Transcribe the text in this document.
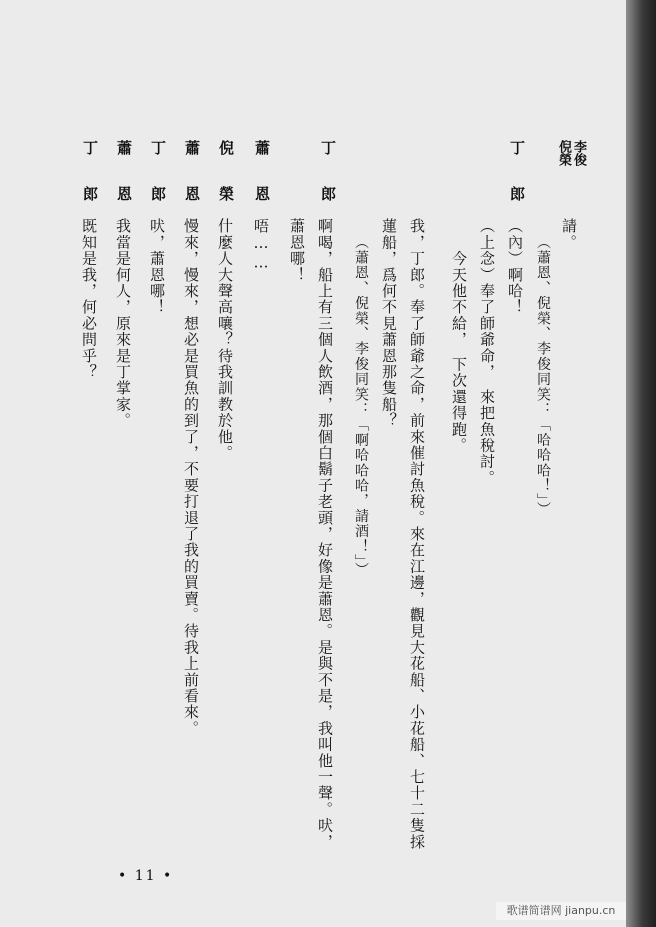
李俊
倪榮
請。
（蕭恩、倪榮、李俊同笑：「哈哈哈！」）
丁　郎
（內）啊哈！
（上念）奉了師爺命，　來把魚稅討。
　　今天他不給，　下次還得跑。
我，丁郎。奉了師爺之命，前來催討魚稅。來在江邊，觀見大花船、小花船、七十二隻採
蓮船，爲何不見蕭恩那隻船？
（蕭恩、倪榮、李俊同笑：「啊哈哈哈，請酒！」）
丁　郎
啊喝，船上有三個人飲酒，那個白鬍子老頭，好像是蕭恩。是與不是，我叫他一聲。吠，
蕭恩哪！
蕭　恩
唔……
倪　榮
什麼人大聲高嚷？待我訓教於他。
蕭　恩
慢來，慢來，想必是買魚的到了，不要打退了我的買賣。待我上前看來。
丁　郎
吠，蕭恩哪！
蕭　恩
我當是何人，原來是丁掌家。
丁　郎
既知是我，何必問乎？
• 11 •
歌谱简谱网 jianpu.cn
